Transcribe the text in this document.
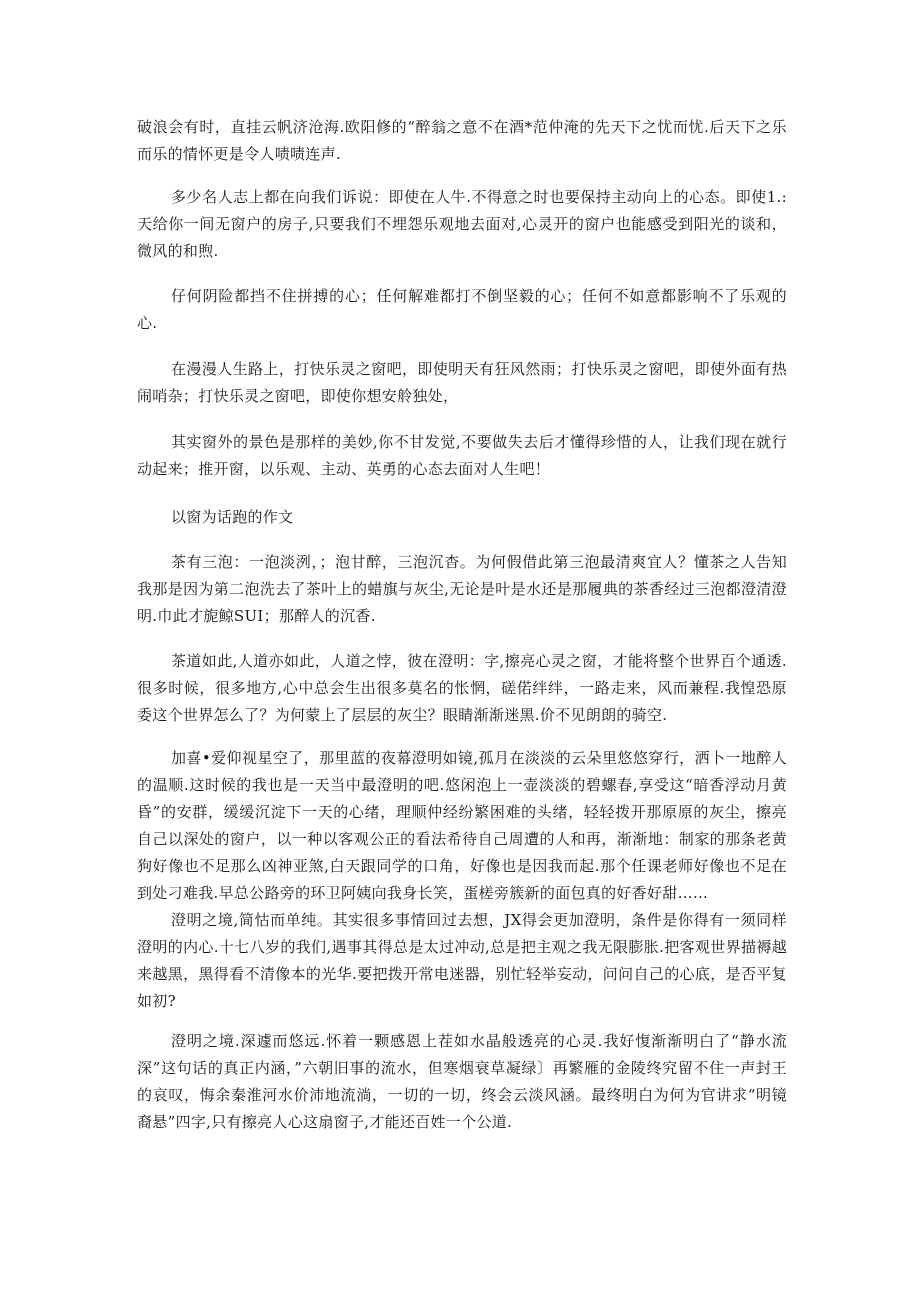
破浪会有时，直挂云帆济沧海.欧阳修的“醉翁之意不在酒*范仲淹的先天下之忧而忧.后天下之乐而乐的情怀更是令人啧啧连声.

多少名人志上都在向我们诉说：即使在人牛.不得意之时也要保持主动向上的心态。即使1.:天给你一间无窗户的房子,只要我们不埋怨乐观地去面对,心灵开的窗户也能感受到阳光的谈和，微风的和煦.

仔何阴险都挡不住拼搏的心；任何解难都打不倒坚毅的心；任何不如意都影响不了乐观的心.

在漫漫人生路上，打快乐灵之窗吧，即使明天有狂风然雨；打快乐灵之窗吧，即使外面有热闹哨杂；打快乐灵之窗吧，即使你想安舲独处，

其实窗外的景色是那样的美妙,你不甘发觉,不要做失去后才懂得珍惜的人，让我们现在就行动起来；推开窗，以乐观、主动、英勇的心态去面对人生吧！

以窗为话跑的作文

茶有三泡：一泡淡洌，；泡甘醉，三泡沉杳。为何假借此第三泡最清爽宜人？懂茶之人告知我那是因为第二泡洗去了茶叶上的蜡旗与灰尘,无论是叶是水还是那履典的茶香经过三泡都澄清澄明.巾此才旎鲸SUI；那醉人的沉香.

茶道如此,人道亦如此，人道之悖，彼在澄明：字,擦亮心灵之窗，才能将整个世界百个通透.很多时候，很多地方,心中总会生出很多莫名的怅惘，磋偌绊绊，一路走来，风而兼程.我惶恐原委这个世界怎么了？为何蒙上了层层的灰尘？眼睛渐渐迷黑.价不见朗朗的骑空.

加喜•爱仰视星空了，那里蓝的夜幕澄明如镜,孤月在淡淡的云朵里悠悠穿行，洒卜一地醉人的温顺.这时候的我也是一天当中最澄明的吧.悠闲泡上一壶淡淡的碧螺春,享受这“暗香浮动月黄昏”的安群，缓缓沉淀下一天的心绪，理顺仲经纷繁困难的头绪，轻轻拨开那原原的灰尘，擦亮自己以深处的窗户，以一种以客观公正的看法希待自己周遭的人和再，渐渐地：制家的那条老黄狗好像也不足那么凶神亚煞,白天跟同学的口角，好像也是因我而起.那个任课老师好像也不足在到处刁难我.早总公路旁的环卫阿姨向我身长笑，蛋槎旁簇新的面包真的好香好甜……

澄明之境,简怙而单纯。其实很多事情回过去想，JX得会更加澄明，条件是你得有一须同样澄明的内心.十七八岁的我们,遇事其得总是太过冲动,总是把主观之我无限膨胀.把客观世界描褥越来越黑，黑得看不清像本的光华.要把拨开常电迷器，别忙轻举妄动，问问自己的心底，是否平复如初?

澄明之境.深遽而悠远.怀着一颗感恩上茬如水晶般透亮的心灵.我好愎渐渐明白了“静水流深”这句话的真正内涵，”六朝旧事的流水，但寒烟衰草凝绿〕再繁雁的金陵终究留不住一声封王的哀叹，悔余秦淮河水价沛地流淌，一切的一切，终会云淡风涵。最终明白为何为官讲求“明镜裔悬”四字,只有擦亮人心这扇窗子,才能还百姓一个公道.
